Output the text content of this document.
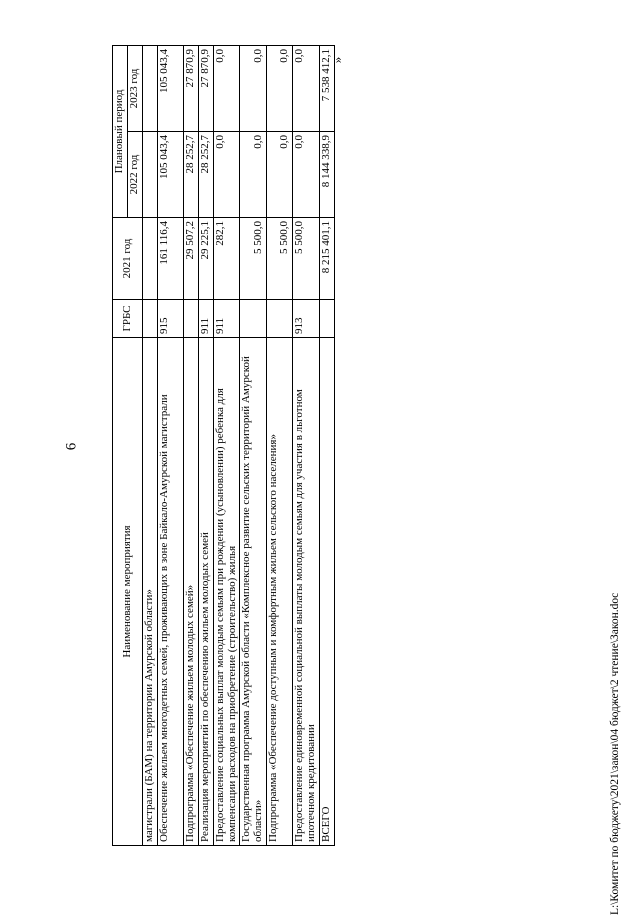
6
»
Наименование мероприятия	ГРБС	2021 год	Плановый период	
			2022 год	2023 год
магистрали (БАМ) на территории Амурской области»				
Обеспечение жильем многодетных семей, проживающих в зоне Байкало-Амурской магистрали	915	161 116,4	105 043,4	105 043,4
Подпрограмма «Обеспечение жильем молодых семей»		29 507,2	28 252,7	27 870,9
Реализация мероприятий по обеспечению жильем молодых семей	911	29 225,1	28 252,7	27 870,9
Предоставление социальных выплат молодым семьям при рождении (усыновлении) ребенка для компенсации расходов на приобретение (строительство) жилья	911	282,1	0,0	0,0
Государственная программа Амурской области «Комплексное развитие сельских территорий Амурской области»		5 500,0	0,0	0,0
Подпрограмма «Обеспечение доступным и комфортным жильем сельского населения»		5 500,0	0,0	0,0
Предоставление единовременной социальной выплаты молодым семьям для участия в льготном ипотечном кредитовании	913	5 500,0	0,0	0,0
ВСЕГО		8 215 401,1	8 144 338,9	7 538 412,1
L:\Комитет по бюджету\2021\закон\04 бюджет\2 чтение\Закон.doc
